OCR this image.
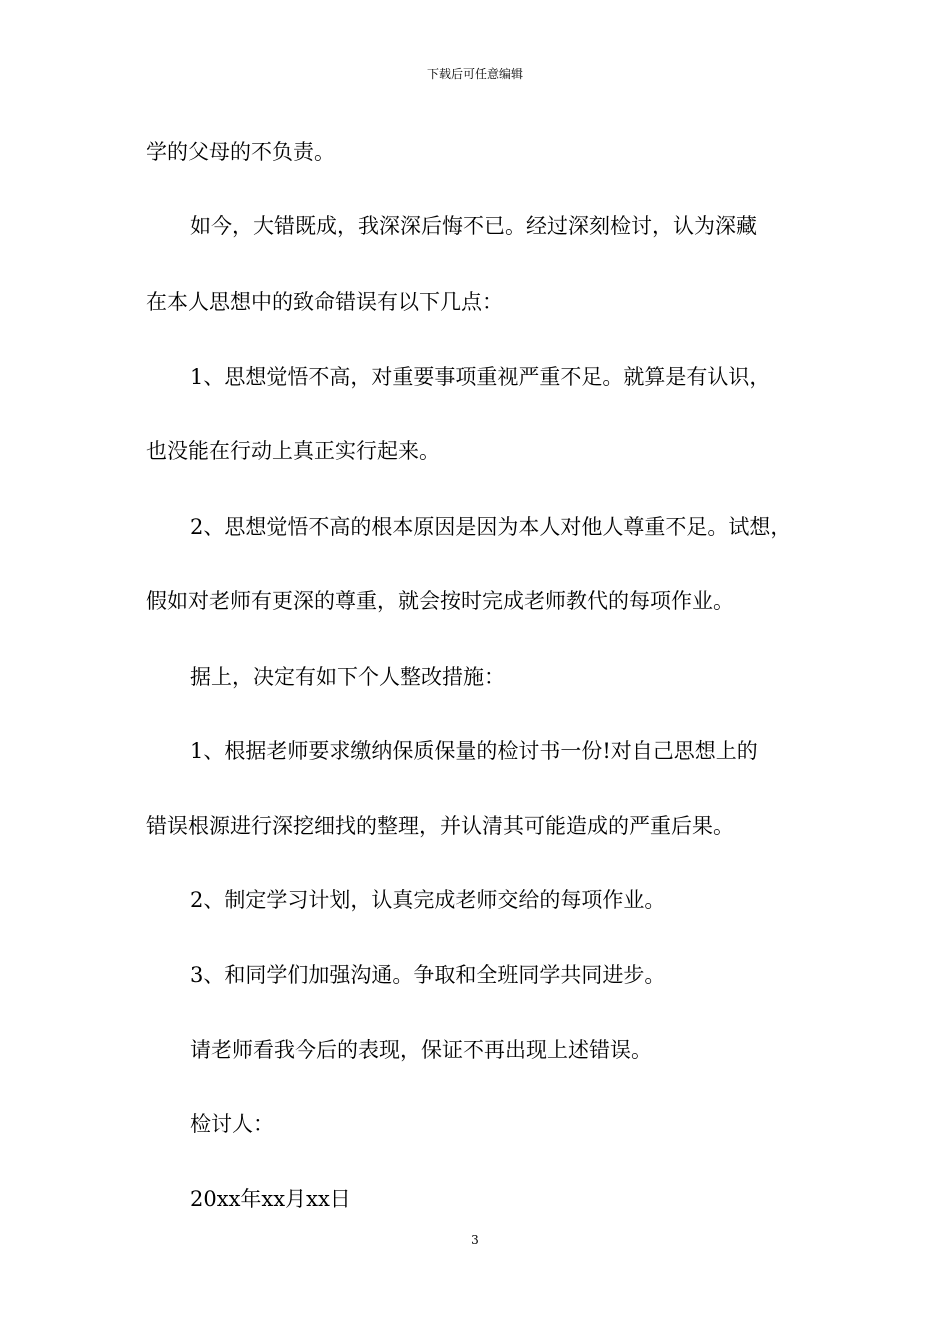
下载后可任意编辑
学的父母的不负责。
如今，大错既成，我深深后悔不已。经过深刻检讨，认为深藏
在本人思想中的致命错误有以下几点：
1、思想觉悟不高，对重要事项重视严重不足。就算是有认识，
也没能在行动上真正实行起来。
2、思想觉悟不高的根本原因是因为本人对他人尊重不足。试想，
假如对老师有更深的尊重，就会按时完成老师教代的每项作业。
据上，决定有如下个人整改措施：
1、根据老师要求缴纳保质保量的检讨书一份!对自己思想上的
错误根源进行深挖细找的整理，并认清其可能造成的严重后果。
2、制定学习计划，认真完成老师交给的每项作业。
3、和同学们加强沟通。争取和全班同学共同进步。
请老师看我今后的表现，保证不再出现上述错误。
检讨人：
20xx年xx月xx日
3
